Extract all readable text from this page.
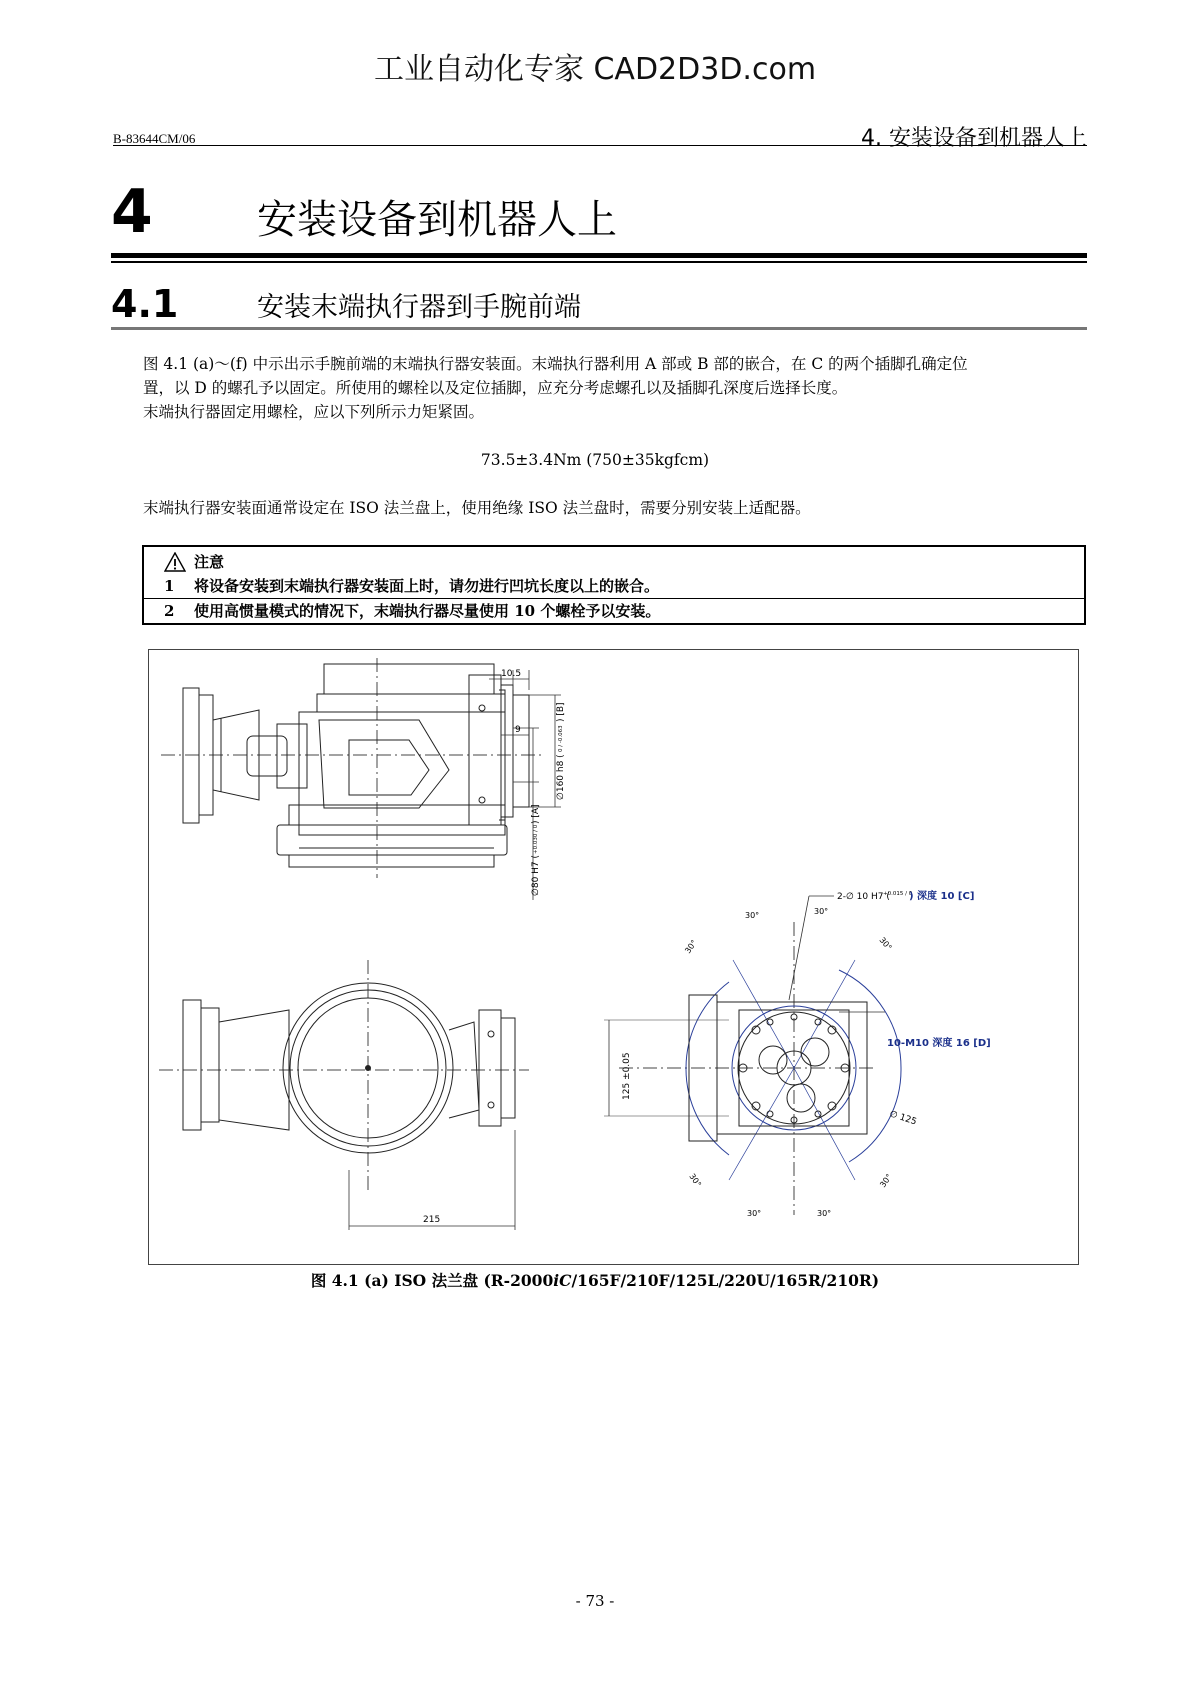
工业自动化专家 CAD2D3D.com
B-83644CM/06	4. 安装设备到机器人上
4	安装设备到机器人上
4.1	安装末端执行器到手腕前端
图 4.1 (a)～(f) 中示出示手腕前端的末端执行器安装面。末端执行器利用 A 部或 B 部的嵌合，在 C 的两个插脚孔确定位
置，以 D 的螺孔予以固定。所使用的螺栓以及定位插脚，应充分考虑螺孔以及插脚孔深度后选择长度。
末端执行器固定用螺栓，应以下列所示力矩紧固。
73.5±3.4Nm (750±35kgfcm)
末端执行器安装面通常设定在 ISO 法兰盘上，使用绝缘 ISO 法兰盘时，需要分别安装上适配器。
注意
1 将设备安装到末端执行器安装面上时，请勿进行凹坑长度以上的嵌合。
2 使用高惯量模式的情况下，末端执行器尽量使用 10 个螺栓予以安装。
10.5
9
∅160 h8 (
0 / -0.063
) [B]
∅80 H7 (
+0.030 / 0
) [A]
215
125 ±0.05
2-∅ 10 H7 (
+0.015 / 0
) 深度 10 [C]
10-M10 深度 16 [D]
∅ 125
30°	30°
30°	30°
30°	30°
30°	30°
图 4.1 (a) ISO 法兰盘 (R-2000iC/165F/210F/125L/220U/165R/210R)
- 73 -
